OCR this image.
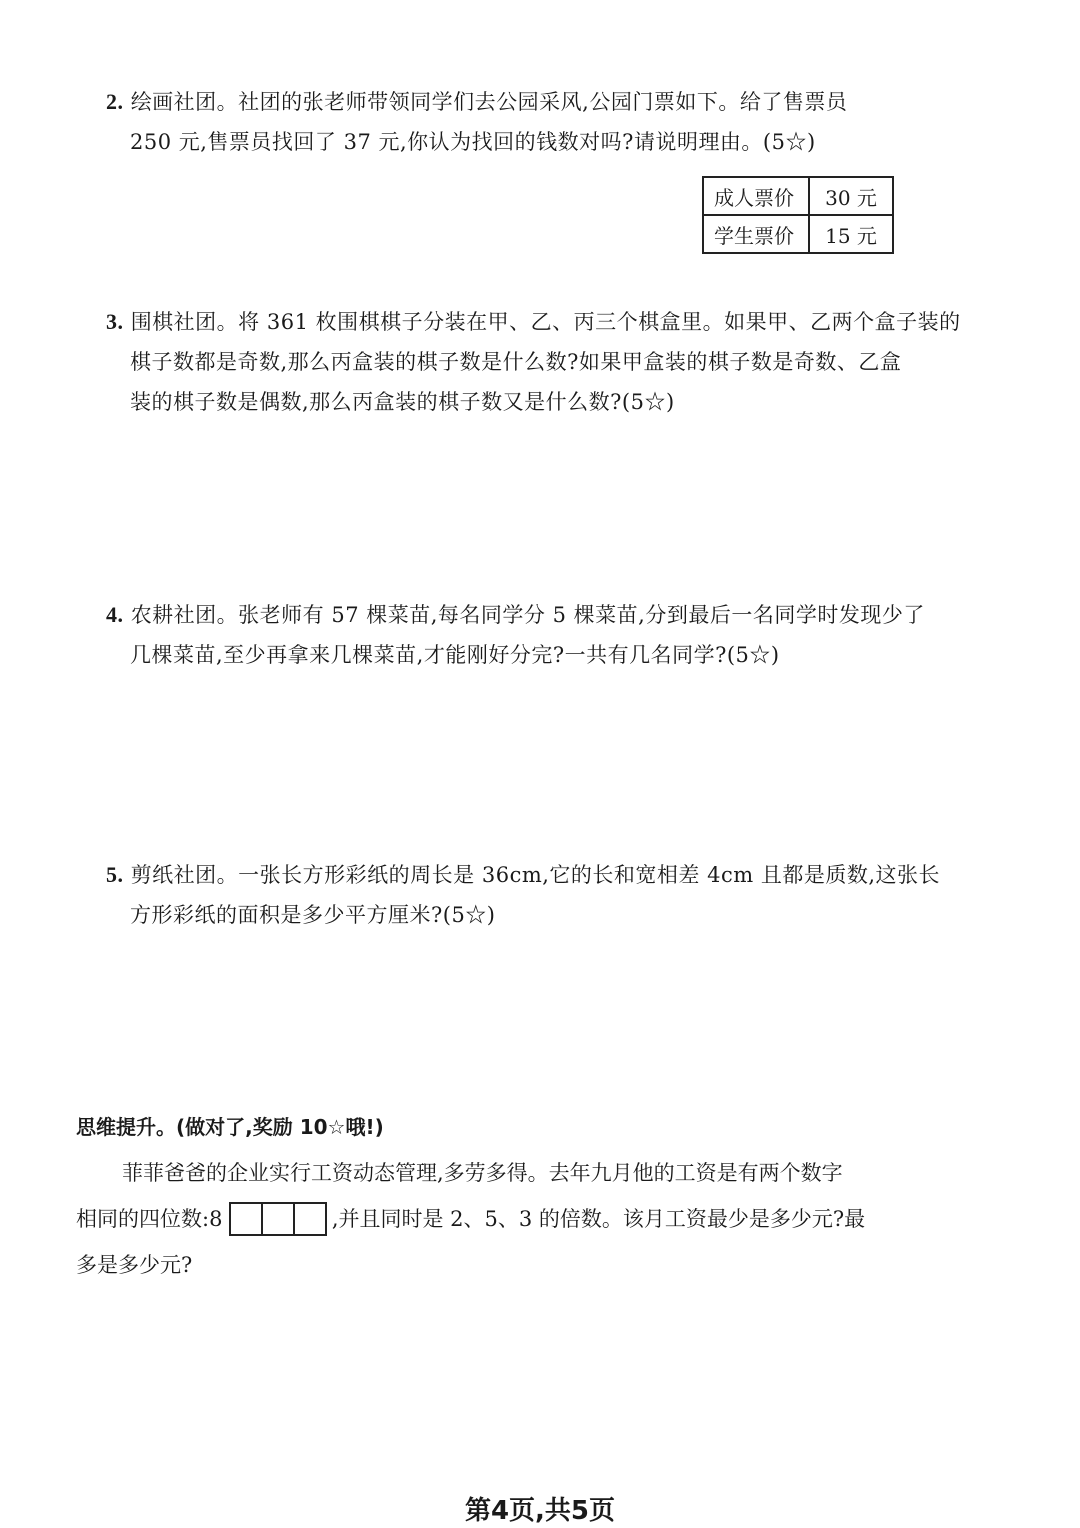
2. 绘画社团。社团的张老师带领同学们去公园采风,公园门票如下。给了售票员
250 元,售票员找回了 37 元,你认为找回的钱数对吗?请说明理由。(5☆)
成人票价	30 元
学生票价	15 元
3. 围棋社团。将 361 枚围棋棋子分装在甲、乙、丙三个棋盒里。如果甲、乙两个盒子装的
棋子数都是奇数,那么丙盒装的棋子数是什么数?如果甲盒装的棋子数是奇数、乙盒
装的棋子数是偶数,那么丙盒装的棋子数又是什么数?(5☆)
4. 农耕社团。张老师有 57 棵菜苗,每名同学分 5 棵菜苗,分到最后一名同学时发现少了
几棵菜苗,至少再拿来几棵菜苗,才能刚好分完?一共有几名同学?(5☆)
5. 剪纸社团。一张长方形彩纸的周长是 36cm,它的长和宽相差 4cm 且都是质数,这张长
方形彩纸的面积是多少平方厘米?(5☆)
思维提升。(做对了,奖励 10☆哦!)
菲菲爸爸的企业实行工资动态管理,多劳多得。去年九月他的工资是有两个数字
相同的四位数:8	,并且同时是 2、5、3 的倍数。该月工资最少是多少元?最
多是多少元?
第4页,共5页
